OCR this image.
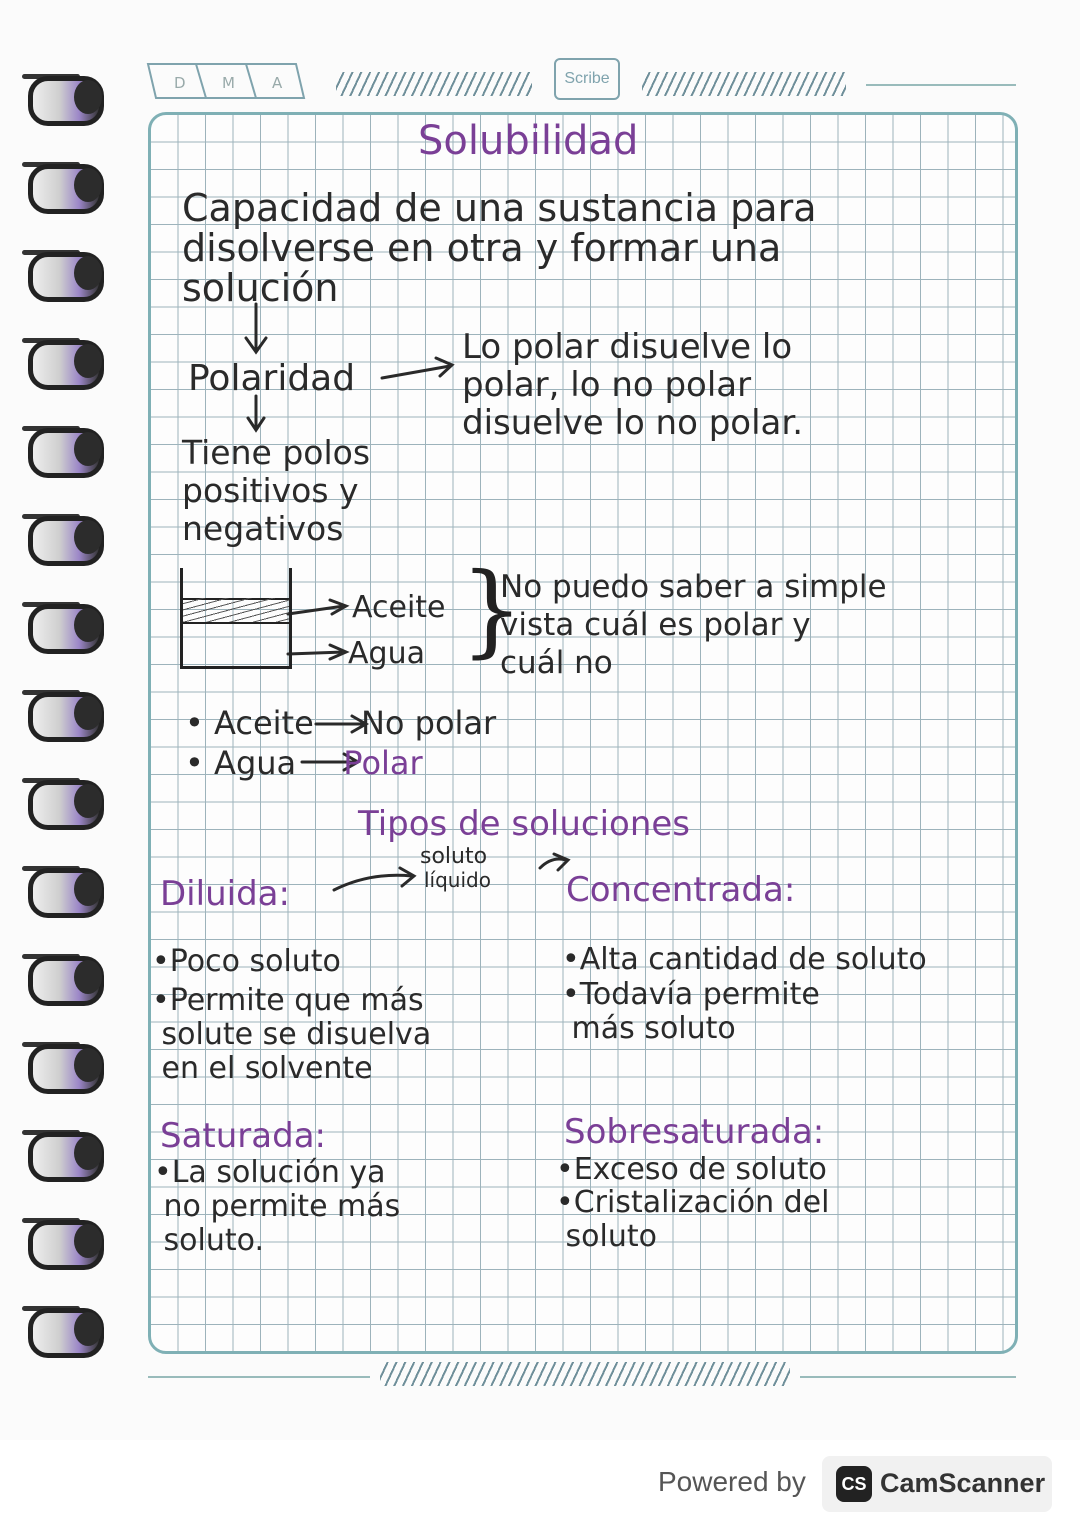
D M A	Scribe
}
Solubilidad
Capacidad de una sustancia para
disolverse en otra y formar una
solución
Polaridad
Lo polar disuelve lo
polar, lo no polar
disuelve lo no polar.
Tiene polos
positivos y
negativos
Aceite
Agua
No puedo saber a simple
vista cuál es polar y
cuál no
• Aceite No polar
• Agua Polar
Tipos de soluciones
soluto
líquido
Diluida:	Concentrada:
•Poco soluto
•Permite que más
solute se disuelva
en el solvente
•Alta cantidad de soluto
•Todavía permite
más soluto
Saturada:
•La solución ya
no permite más
soluto.
Sobresaturada:
•Exceso de soluto
•Cristalización del
soluto
Powered by	CS CamScanner
